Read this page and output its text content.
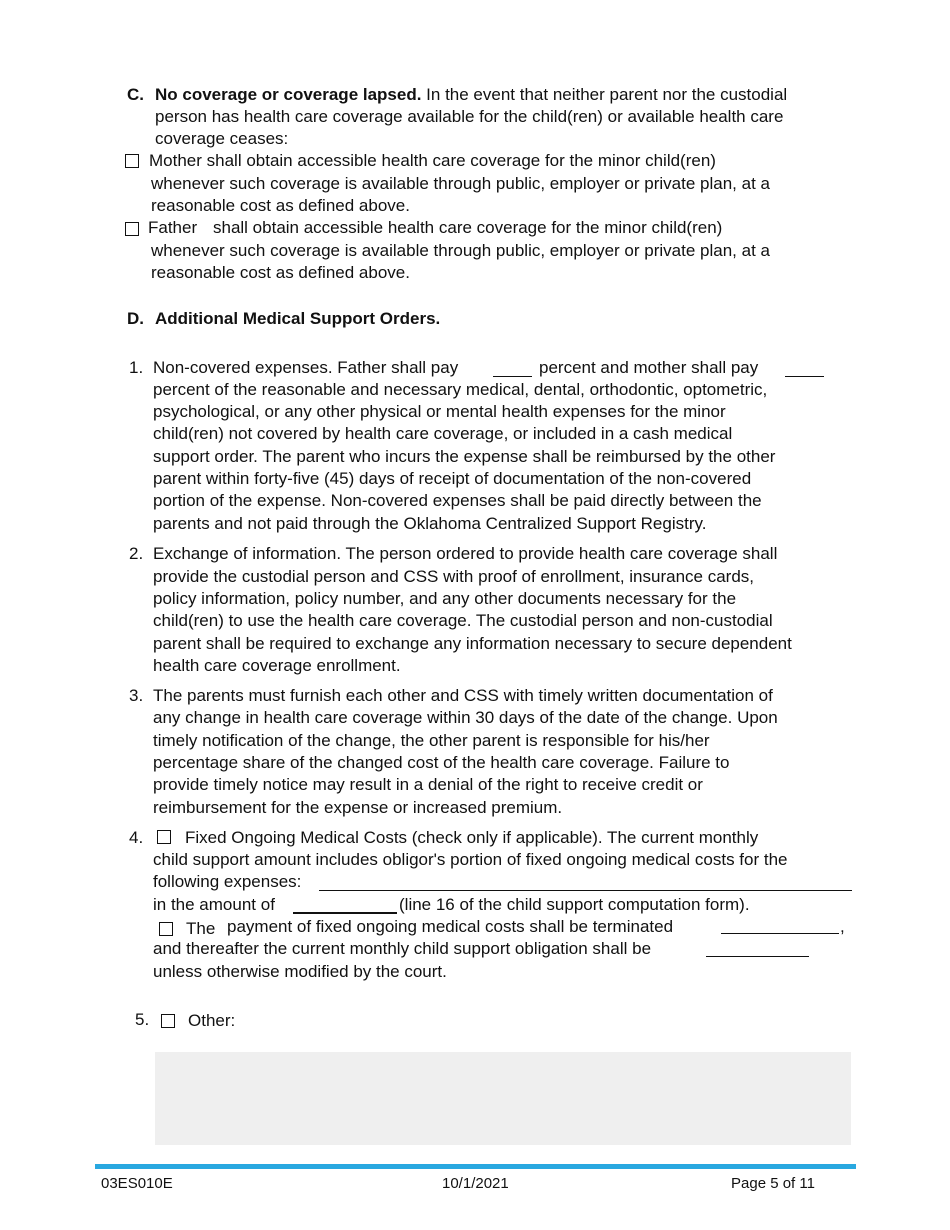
C. No coverage or coverage lapsed. In the event that neither parent nor the custodial
person has health care coverage available for the child(ren) or available health care
coverage ceases:
Mother shall obtain accessible health care coverage for the minor child(ren)
whenever such coverage is available through public, employer or private plan, at a
reasonable cost as defined above.
Father shall obtain accessible health care coverage for the minor child(ren)
whenever such coverage is available through public, employer or private plan, at a
reasonable cost as defined above.
D. Additional Medical Support Orders.
1. Non-covered expenses. Father shall pay	percent and mother shall pay
percent of the reasonable and necessary medical, dental, orthodontic, optometric,
psychological, or any other physical or mental health expenses for the minor
child(ren) not covered by health care coverage, or included in a cash medical
support order. The parent who incurs the expense shall be reimbursed by the other
parent within forty-five (45) days of receipt of documentation of the non-covered
portion of the expense. Non-covered expenses shall be paid directly between the
parents and not paid through the Oklahoma Centralized Support Registry.
2. Exchange of information. The person ordered to provide health care coverage shall
provide the custodial person and CSS with proof of enrollment, insurance cards,
policy information, policy number, and any other documents necessary for the
child(ren) to use the health care coverage. The custodial person and non-custodial
parent shall be required to exchange any information necessary to secure dependent
health care coverage enrollment.
3. The parents must furnish each other and CSS with timely written documentation of
any change in health care coverage within 30 days of the date of the change. Upon
timely notification of the change, the other parent is responsible for his/her
percentage share of the changed cost of the health care coverage. Failure to
provide timely notice may result in a denial of the right to receive credit or
reimbursement for the expense or increased premium.
4. Fixed Ongoing Medical Costs (check only if applicable). The current monthly
child support amount includes obligor's portion of fixed ongoing medical costs for the
following expenses:
in the amount of	(line 16 of the child support computation form).
The payment of fixed ongoing medical costs shall be terminated	,
and thereafter the current monthly child support obligation shall be
unless otherwise modified by the court.
5. Other:
03ES010E	10/1/2021	Page 5 of 11
